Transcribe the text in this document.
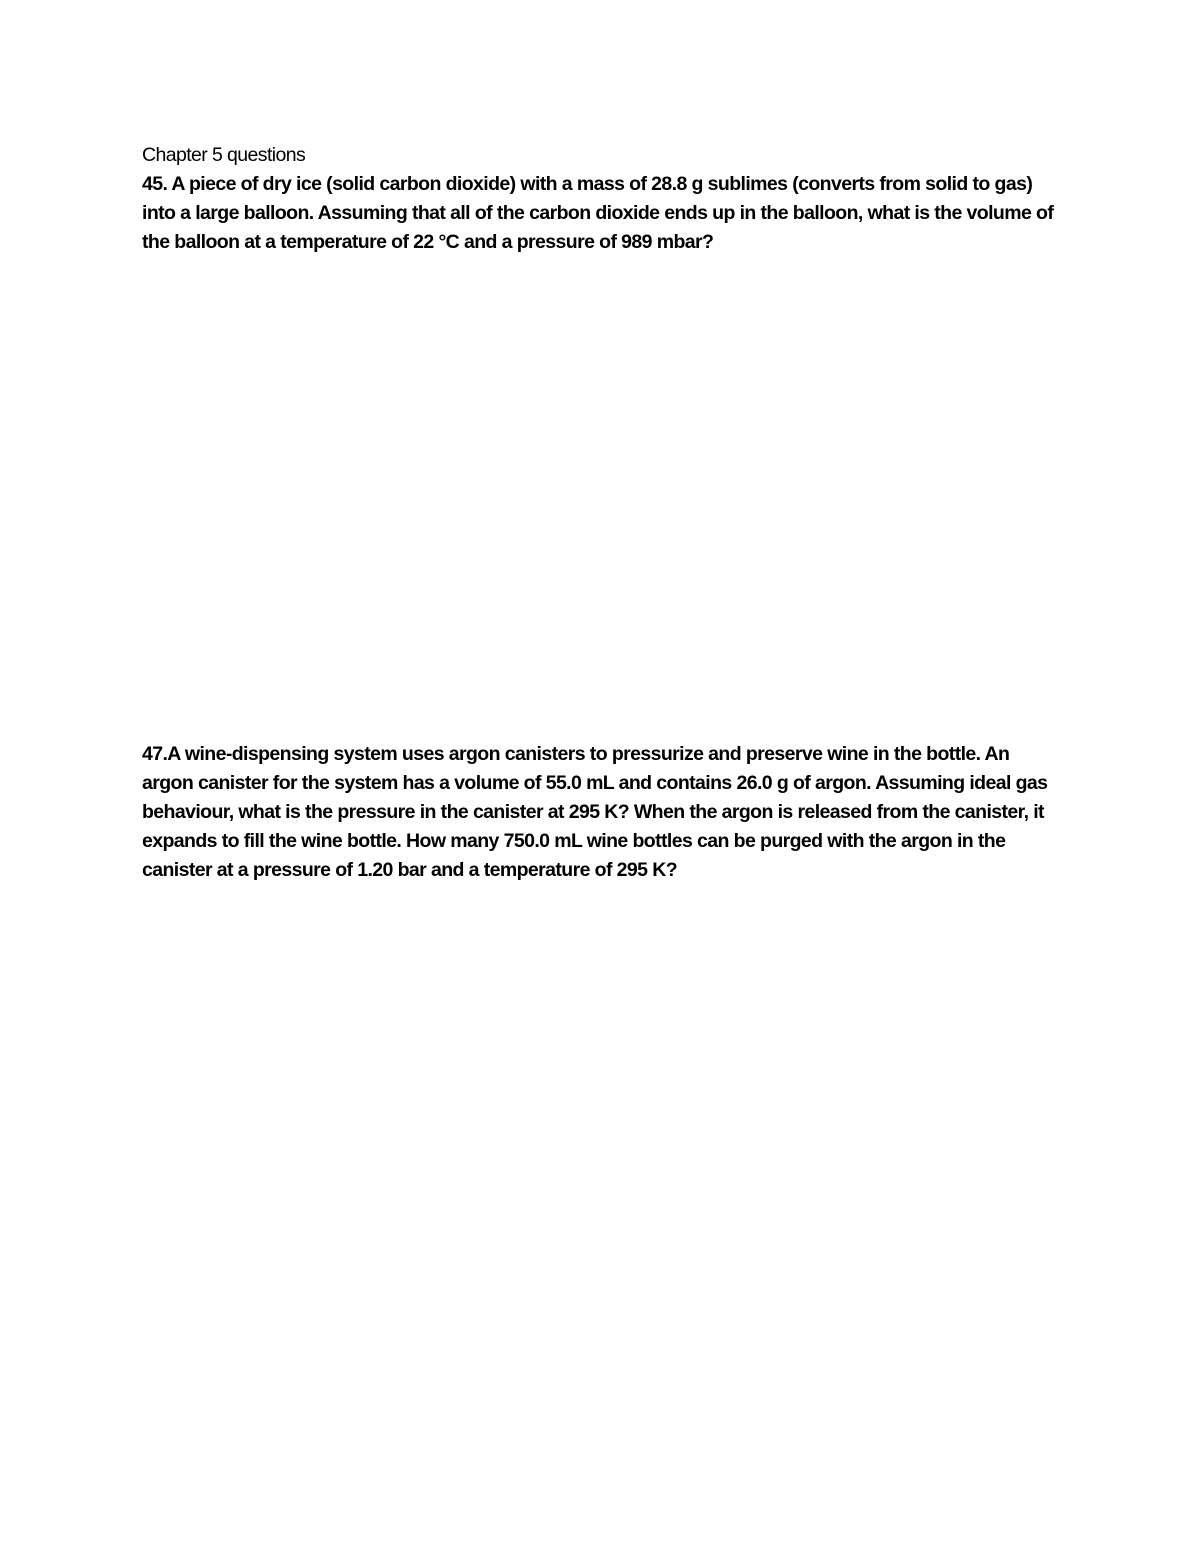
Chapter 5 questions
45. A piece of dry ice (solid carbon dioxide) with a mass of 28.8 g sublimes (converts from solid to gas) into a large balloon. Assuming that all of the carbon dioxide ends up in the balloon, what is the volume of the balloon at a temperature of 22 °C and a pressure of 989 mbar?
47.A wine-dispensing system uses argon canisters to pressurize and preserve wine in the bottle. An argon canister for the system has a volume of 55.0 mL and contains 26.0 g of argon. Assuming ideal gas behaviour, what is the pressure in the canister at 295 K? When the argon is released from the canister, it expands to fill the wine bottle. How many 750.0 mL wine bottles can be purged with the argon in the canister at a pressure of 1.20 bar and a temperature of 295 K?
